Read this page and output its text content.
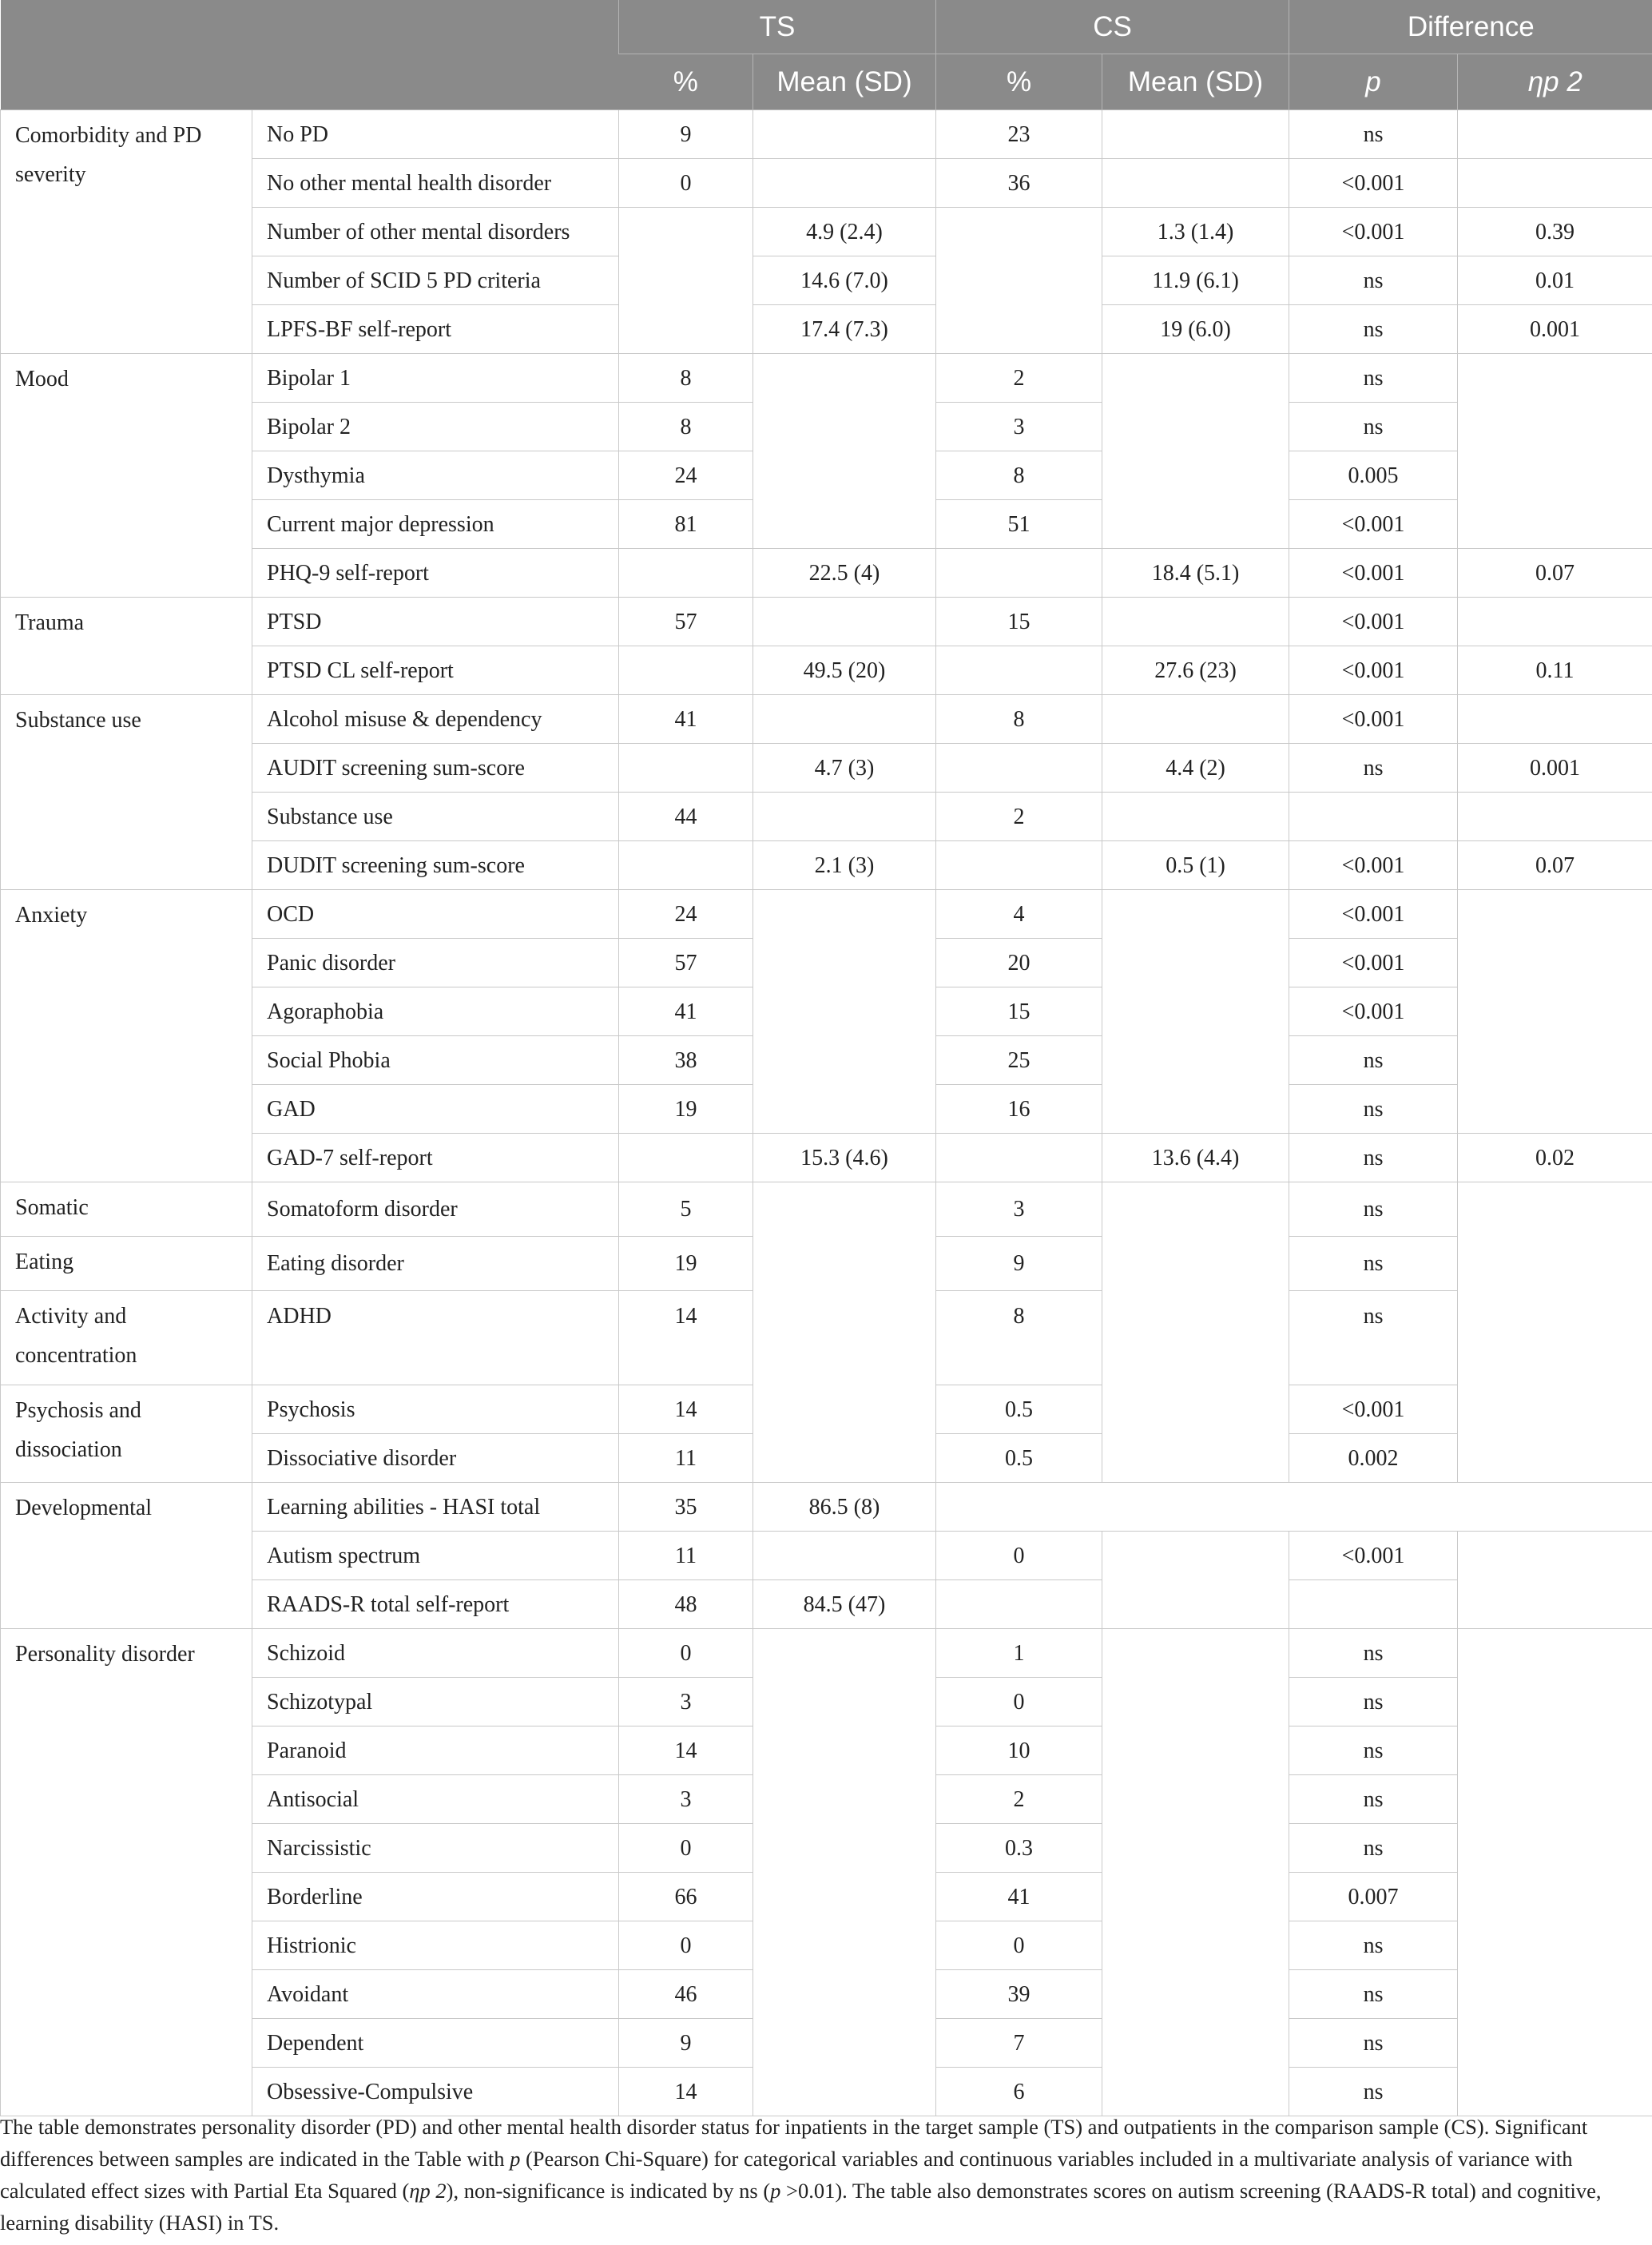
		TS		CS		Difference	
		%	Mean (SD)	%	Mean (SD)	p	ηp 2
Comorbidity and PD severity	No PD	9		23		ns	
	No other mental health disorder	0		36		<0.001	
	Number of other mental disorders		4.9 (2.4)		1.3 (1.4)	<0.001	0.39
	Number of SCID 5 PD criteria		14.6 (7.0)		11.9 (6.1)	ns	0.01
	LPFS-BF self-report		17.4 (7.3)		19 (6.0)	ns	0.001
Mood	Bipolar 1	8		2		ns	
	Bipolar 2	8		3		ns	
	Dysthymia	24		8		0.005	
	Current major depression	81		51		<0.001	
	PHQ-9 self-report		22.5 (4)		18.4 (5.1)	<0.001	0.07
Trauma	PTSD	57		15		<0.001	
	PTSD CL self-report		49.5 (20)		27.6 (23)	<0.001	0.11
Substance use	Alcohol misuse & dependency	41		8		<0.001	
	AUDIT screening sum-score		4.7 (3)		4.4 (2)	ns	0.001
	Substance use	44		2			
	DUDIT screening sum-score		2.1 (3)		0.5 (1)	<0.001	0.07
Anxiety	OCD	24		4		<0.001	
	Panic disorder	57		20		<0.001	
	Agoraphobia	41		15		<0.001	
	Social Phobia	38		25		ns	
	GAD	19		16		ns	
	GAD-7 self-report		15.3 (4.6)		13.6 (4.4)	ns	0.02
Somatic	Somatoform disorder	5		3		ns	
Eating	Eating disorder	19		9		ns	
Activity and concentration	ADHD	14		8		ns	
Psychosis and dissociation	Psychosis	14		0.5		<0.001	
	Dissociative disorder	11		0.5		0.002	
Developmental	Learning abilities - HASI total	35	86.5 (8)				
	Autism spectrum	11		0		<0.001	
	RAADS-R total self-report	48	84.5 (47)				
Personality disorder	Schizoid	0		1		ns	
	Schizotypal	3		0		ns	
	Paranoid	14		10		ns	
	Antisocial	3		2		ns	
	Narcissistic	0		0.3		ns	
	Borderline	66		41		0.007	
	Histrionic	0		0		ns	
	Avoidant	46		39		ns	
	Dependent	9		7		ns	
	Obsessive-Compulsive	14		6		ns	
The table demonstrates personality disorder (PD) and other mental health disorder status for inpatients in the target sample (TS) and outpatients in the comparison sample (CS). Significant differences between samples are indicated in the Table with p (Pearson Chi-Square) for categorical variables and continuous variables included in a multivariate analysis of variance with calculated effect sizes with Partial Eta Squared (ηp 2), non-significance is indicated by ns (p >0.01). The table also demonstrates scores on autism screening (RAADS-R total) and cognitive, learning disability (HASI) in TS.
